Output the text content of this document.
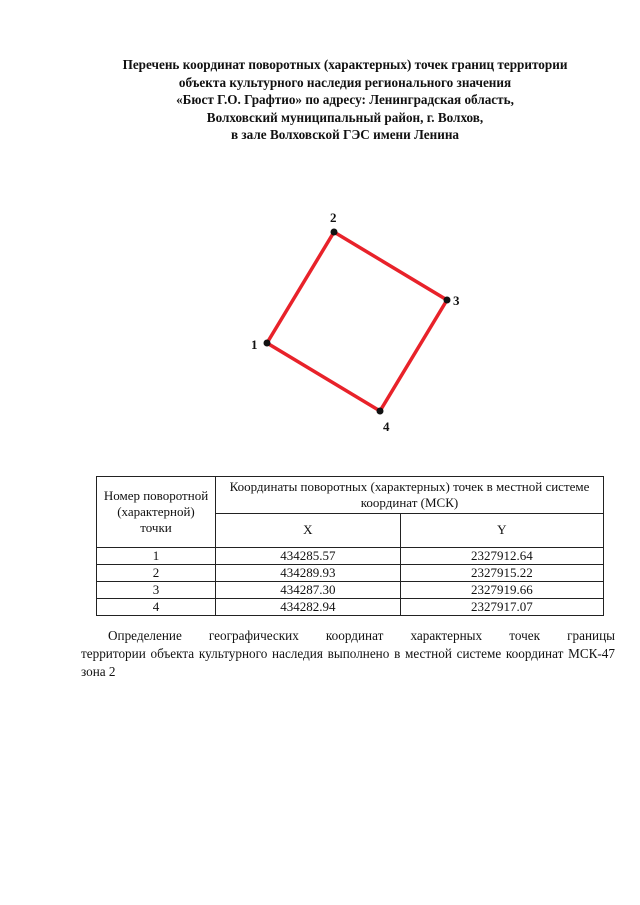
Перечень координат поворотных (характерных) точек границ территории
объекта культурного наследия регионального значения
«Бюст Г.О. Графтио» по адресу: Ленинградская область,
Волховский муниципальный район, г. Волхов,
в зале Волховской ГЭС имени Ленина
1
2
3
4
Номер поворотной (характерной) точки	Координаты поворотных (характерных) точек в местной системе координат (МСК)	
	X	Y
1	434285.57	2327912.64
2	434289.93	2327915.22
3	434287.30	2327919.66
4	434282.94	2327917.07
Определение географических координат характерных точек границы
территории объекта культурного наследия выполнено в местной системе координат МСК-47 зона 2
